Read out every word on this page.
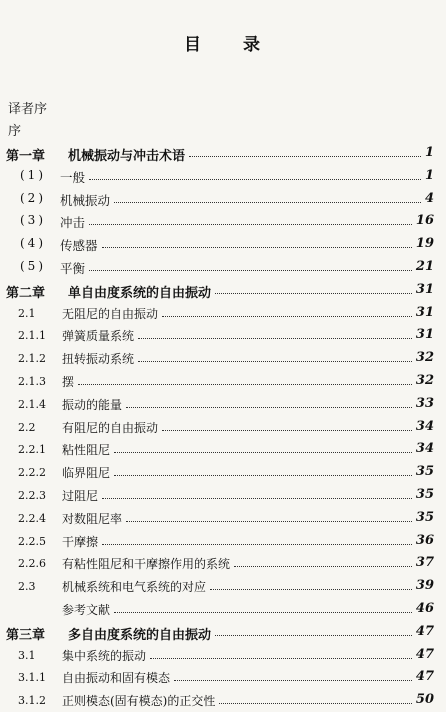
目 录
译者序
序
第一章 机械振动与冲击术语	1
(1) 一般	1
(2) 机械振动	4
(3) 冲击	16
(4) 传感器	19
(5) 平衡	21
第二章 单自由度系统的自由振动	31
2.1 无阻尼的自由振动	31
2.1.1 弹簧质量系统	31
2.1.2 扭转振动系统	32
2.1.3 摆	32
2.1.4 振动的能量	33
2.2 有阻尼的自由振动	34
2.2.1 粘性阻尼	34
2.2.2 临界阻尼	35
2.2.3 过阻尼	35
2.2.4 对数阻尼率	35
2.2.5 干摩擦	36
2.2.6 有粘性阻尼和干摩擦作用的系统	37
2.3 机械系统和电气系统的对应	39
参考文献	46
第三章 多自由度系统的自由振动	47
3.1 集中系统的振动	47
3.1.1 自由振动和固有模态	47
3.1.2 正则模态(固有模态)的正交性	50
